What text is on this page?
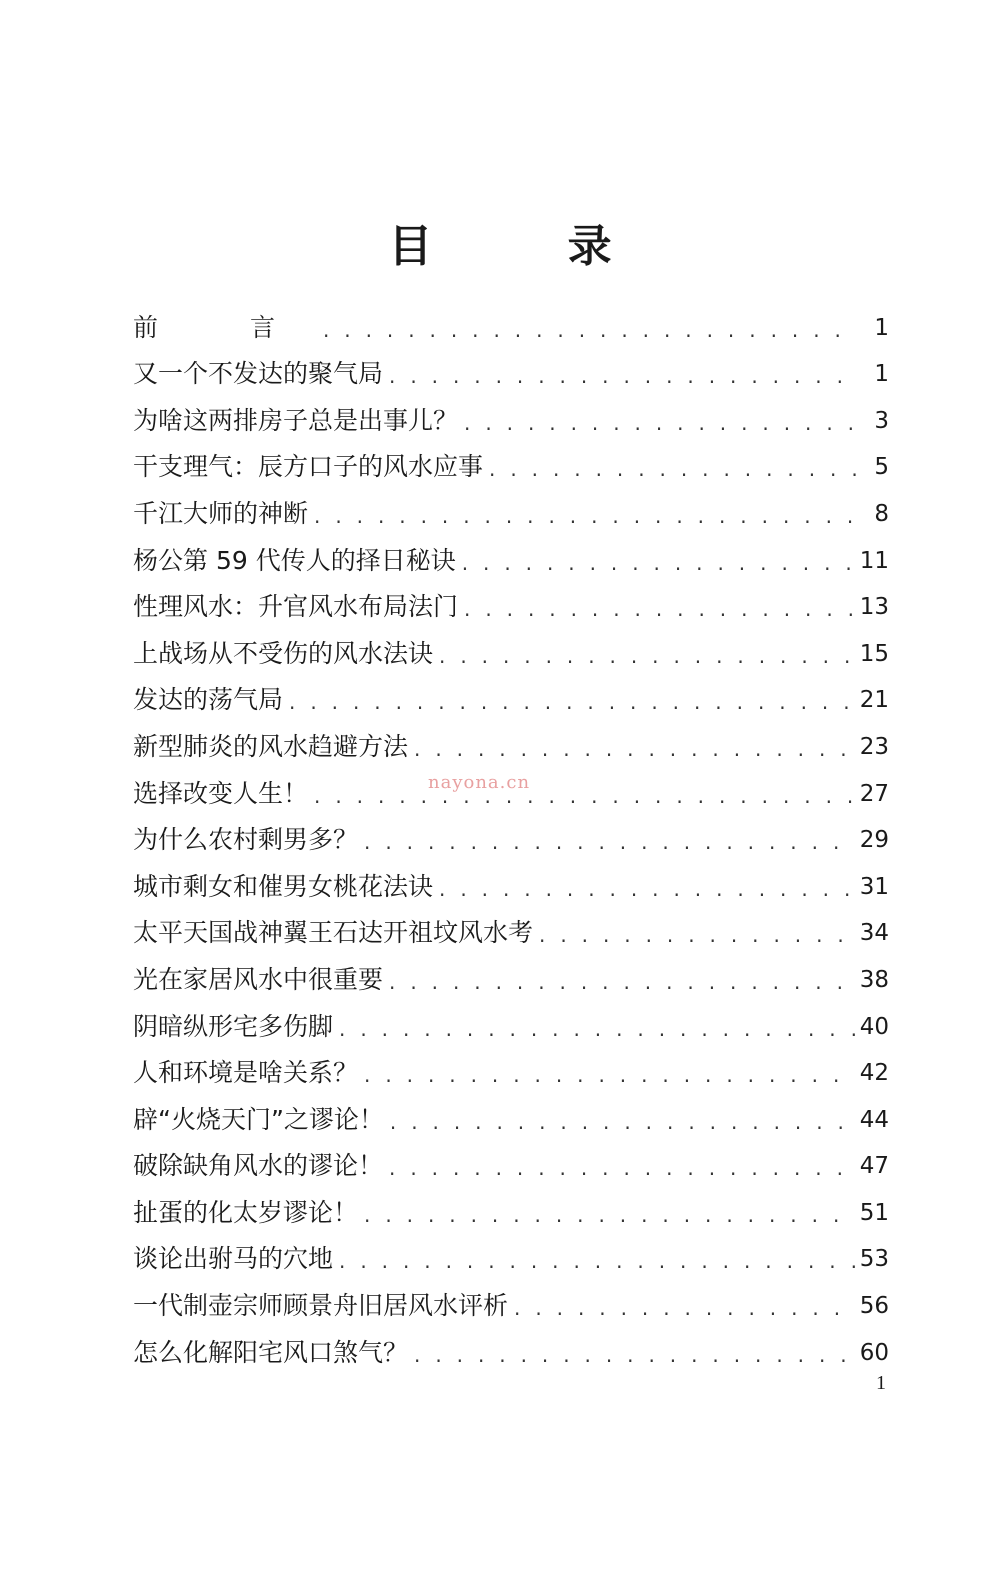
目 录
前 言 . . .	1
又一个不发达的聚气局 . . .	1
为啥这两排房子总是出事儿？ . . .	3
干支理气：辰方口子的风水应事 . . .	5
千江大师的神断 . . .	8
杨公第 59 代传人的择日秘诀 . . .	11
性理风水：升官风水布局法门 . . .	13
上战场从不受伤的风水法诀 . . .	15
发达的荡气局 . . .	21
新型肺炎的风水趋避方法 . . .	23
选择改变人生！ . . .	27
为什么农村剩男多？ . . .	29
城市剩女和催男女桃花法诀 . . .	31
太平天国战神翼王石达开祖坟风水考 . . .	34
光在家居风水中很重要 . . .	38
阴暗纵形宅多伤脚 . . .	40
人和环境是啥关系？ . . .	42
辟“火烧天门”之谬论！ . . .	44
破除缺角风水的谬论！ . . .	47
扯蛋的化太岁谬论！ . . .	51
谈论出驸马的穴地 . . .	53
一代制壶宗师顾景舟旧居风水评析 . . .	56
怎么化解阳宅风口煞气？ . . .	60
nayona.cn
1
